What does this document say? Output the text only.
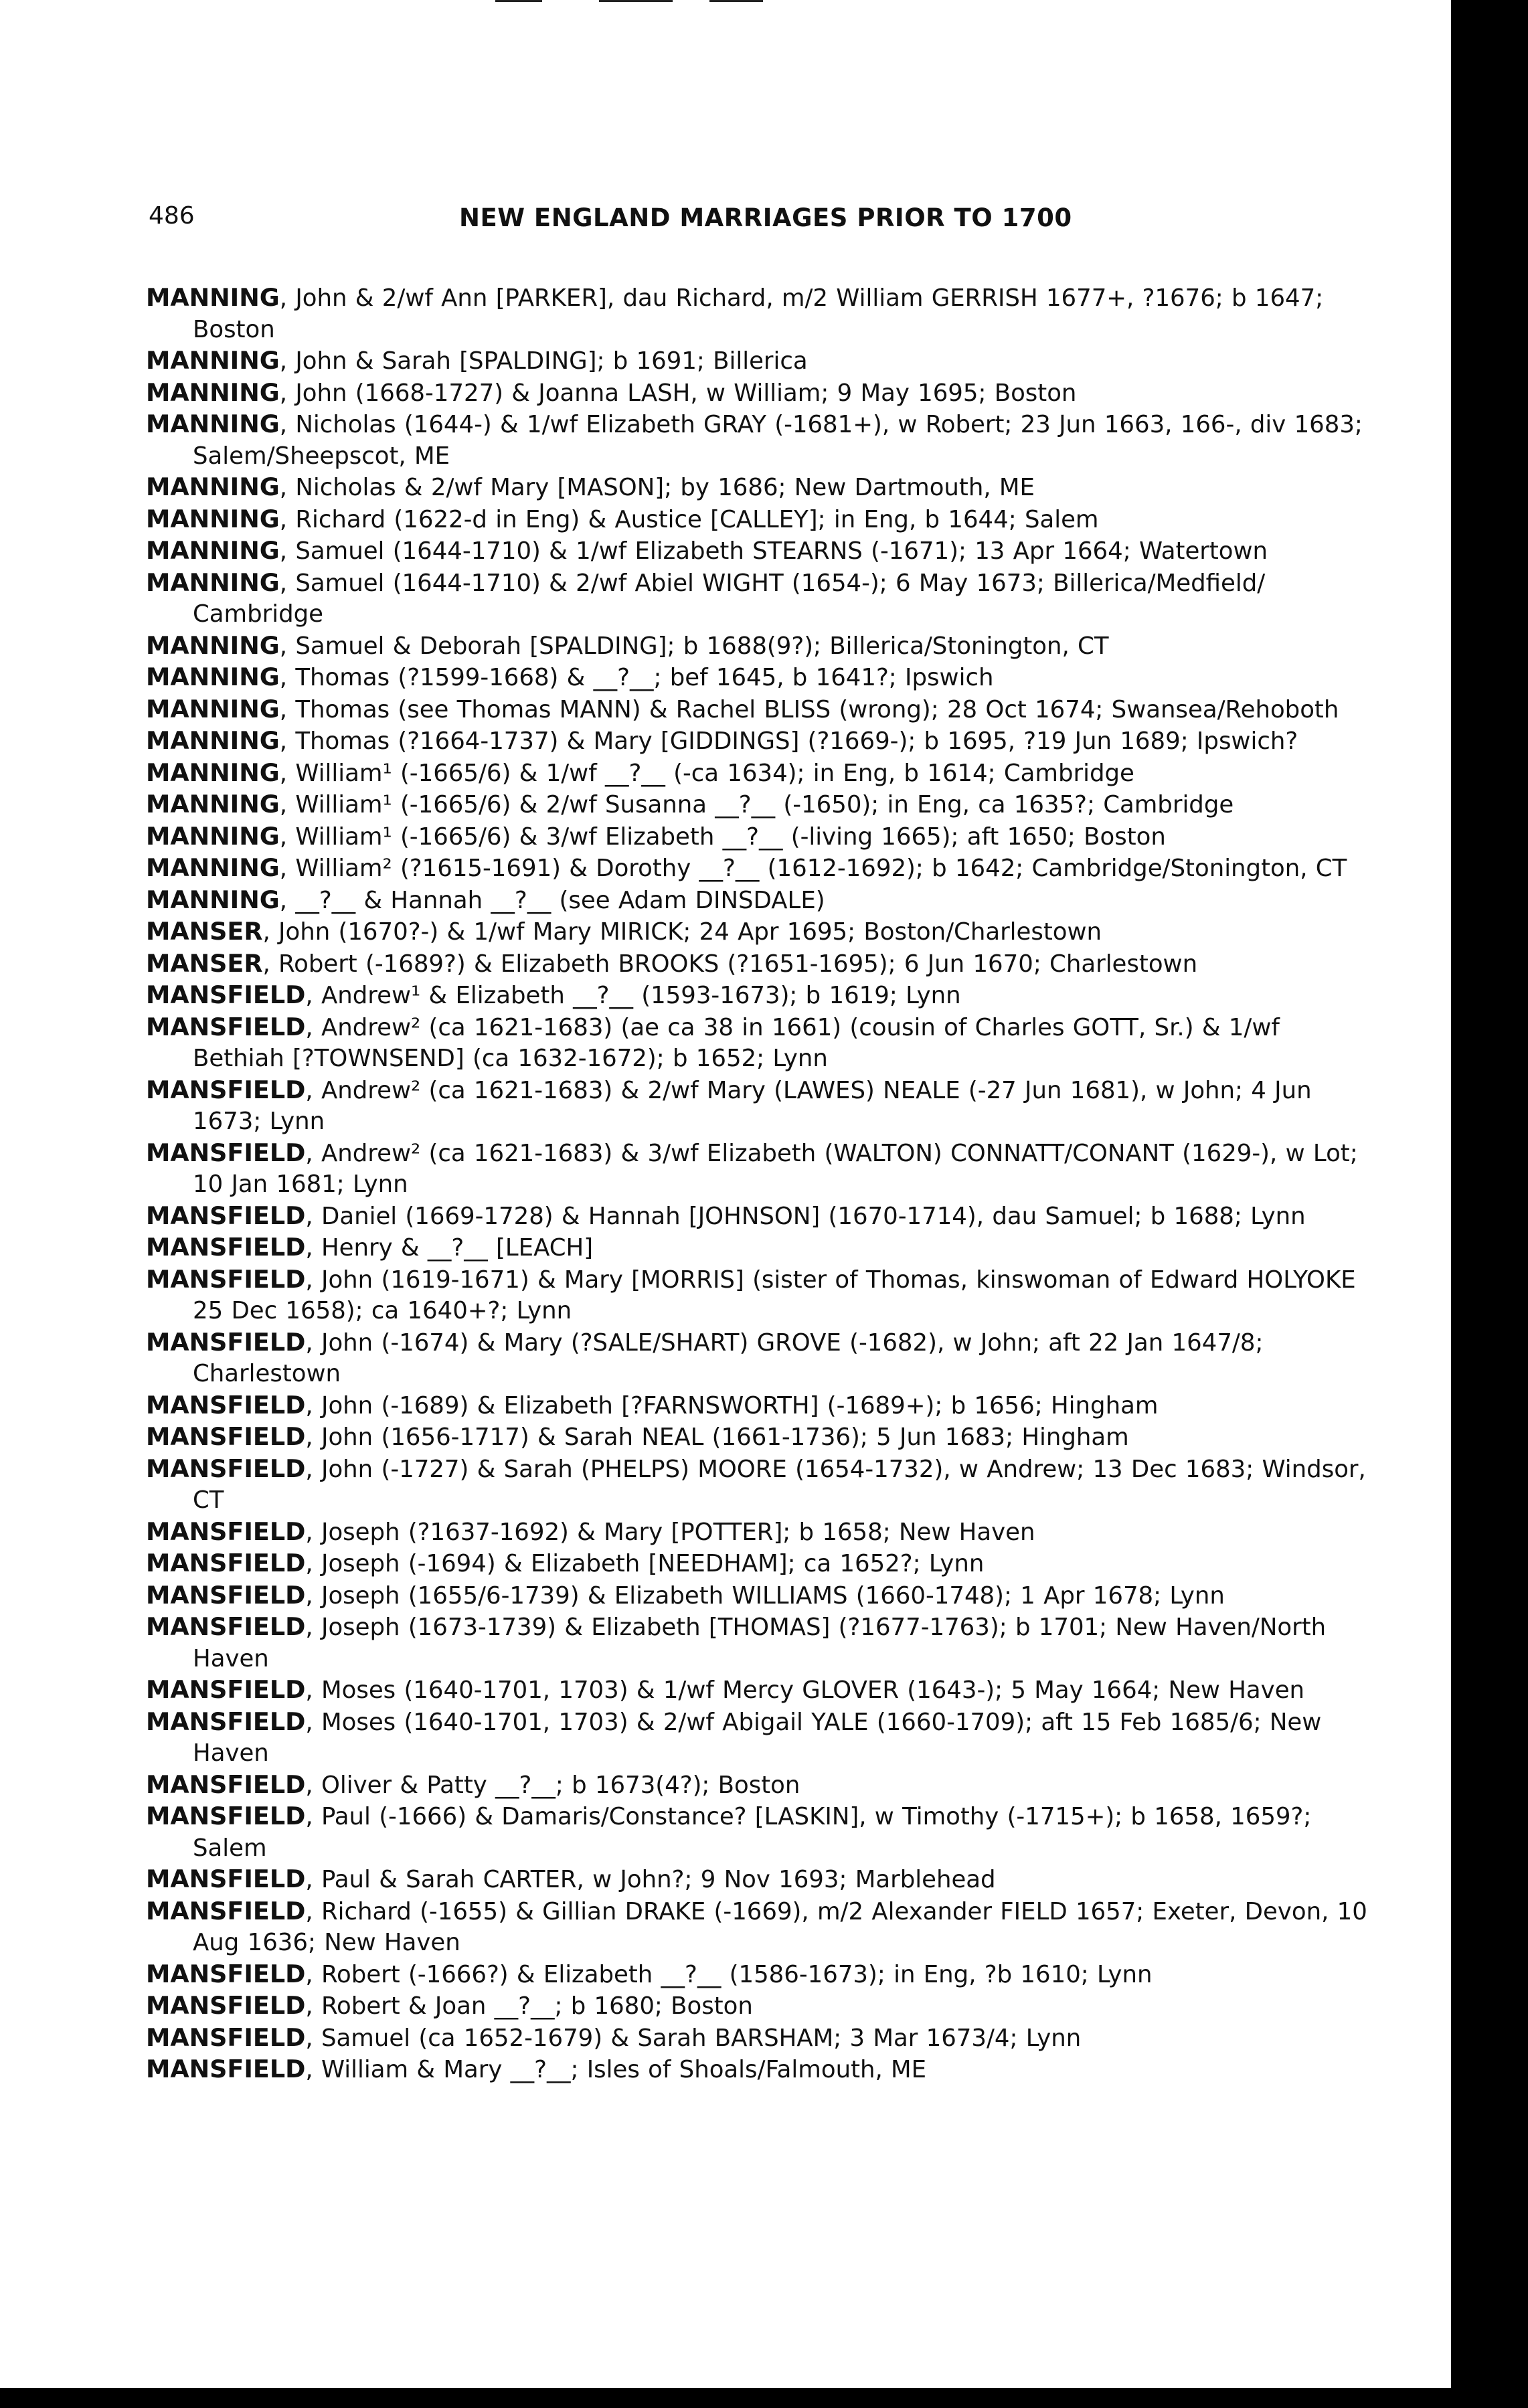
486	NEW ENGLAND MARRIAGES PRIOR TO 1700
MANNING, John & 2/wf Ann [PARKER], dau Richard, m/2 William GERRISH 1677+, ?1676; b 1647; Boston
MANNING, John & Sarah [SPALDING]; b 1691; Billerica
MANNING, John (1668-1727) & Joanna LASH, w William; 9 May 1695; Boston
MANNING, Nicholas (1644-) & 1/wf Elizabeth GRAY (-1681+), w Robert; 23 Jun 1663, 166-, div 1683; Salem/Sheepscot, ME
MANNING, Nicholas & 2/wf Mary [MASON]; by 1686; New Dartmouth, ME
MANNING, Richard (1622-d in Eng) & Austice [CALLEY]; in Eng, b 1644; Salem
MANNING, Samuel (1644-1710) & 1/wf Elizabeth STEARNS (-1671); 13 Apr 1664; Watertown
MANNING, Samuel (1644-1710) & 2/wf Abiel WIGHT (1654-); 6 May 1673; Billerica/Medfield/ Cambridge
MANNING, Samuel & Deborah [SPALDING]; b 1688(9?); Billerica/Stonington, CT
MANNING, Thomas (?1599-1668) & __?__; bef 1645, b 1641?; Ipswich
MANNING, Thomas (see Thomas MANN) & Rachel BLISS (wrong); 28 Oct 1674; Swansea/Rehoboth
MANNING, Thomas (?1664-1737) & Mary [GIDDINGS] (?1669-); b 1695, ?19 Jun 1689; Ipswich?
MANNING, William¹ (-1665/6) & 1/wf __?__ (-ca 1634); in Eng, b 1614; Cambridge
MANNING, William¹ (-1665/6) & 2/wf Susanna __?__ (-1650); in Eng, ca 1635?; Cambridge
MANNING, William¹ (-1665/6) & 3/wf Elizabeth __?__ (-living 1665); aft 1650; Boston
MANNING, William² (?1615-1691) & Dorothy __?__ (1612-1692); b 1642; Cambridge/Stonington, CT
MANNING, __?__ & Hannah __?__ (see Adam DINSDALE)
MANSER, John (1670?-) & 1/wf Mary MIRICK; 24 Apr 1695; Boston/Charlestown
MANSER, Robert (-1689?) & Elizabeth BROOKS (?1651-1695); 6 Jun 1670; Charlestown
MANSFIELD, Andrew¹ & Elizabeth __?__ (1593-1673); b 1619; Lynn
MANSFIELD, Andrew² (ca 1621-1683) (ae ca 38 in 1661) (cousin of Charles GOTT, Sr.) & 1/wf Bethiah [?TOWNSEND] (ca 1632-1672); b 1652; Lynn
MANSFIELD, Andrew² (ca 1621-1683) & 2/wf Mary (LAWES) NEALE (-27 Jun 1681), w John; 4 Jun 1673; Lynn
MANSFIELD, Andrew² (ca 1621-1683) & 3/wf Elizabeth (WALTON) CONNATT/CONANT (1629-), w Lot; 10 Jan 1681; Lynn
MANSFIELD, Daniel (1669-1728) & Hannah [JOHNSON] (1670-1714), dau Samuel; b 1688; Lynn
MANSFIELD, Henry & __?__ [LEACH]
MANSFIELD, John (1619-1671) & Mary [MORRIS] (sister of Thomas, kinswoman of Edward HOLYOKE 25 Dec 1658); ca 1640+?; Lynn
MANSFIELD, John (-1674) & Mary (?SALE/SHART) GROVE (-1682), w John; aft 22 Jan 1647/8; Charlestown
MANSFIELD, John (-1689) & Elizabeth [?FARNSWORTH] (-1689+); b 1656; Hingham
MANSFIELD, John (1656-1717) & Sarah NEAL (1661-1736); 5 Jun 1683; Hingham
MANSFIELD, John (-1727) & Sarah (PHELPS) MOORE (1654-1732), w Andrew; 13 Dec 1683; Windsor, CT
MANSFIELD, Joseph (?1637-1692) & Mary [POTTER]; b 1658; New Haven
MANSFIELD, Joseph (-1694) & Elizabeth [NEEDHAM]; ca 1652?; Lynn
MANSFIELD, Joseph (1655/6-1739) & Elizabeth WILLIAMS (1660-1748); 1 Apr 1678; Lynn
MANSFIELD, Joseph (1673-1739) & Elizabeth [THOMAS] (?1677-1763); b 1701; New Haven/North Haven
MANSFIELD, Moses (1640-1701, 1703) & 1/wf Mercy GLOVER (1643-); 5 May 1664; New Haven
MANSFIELD, Moses (1640-1701, 1703) & 2/wf Abigail YALE (1660-1709); aft 15 Feb 1685/6; New Haven
MANSFIELD, Oliver & Patty __?__; b 1673(4?); Boston
MANSFIELD, Paul (-1666) & Damaris/Constance? [LASKIN], w Timothy (-1715+); b 1658, 1659?; Salem
MANSFIELD, Paul & Sarah CARTER, w John?; 9 Nov 1693; Marblehead
MANSFIELD, Richard (-1655) & Gillian DRAKE (-1669), m/2 Alexander FIELD 1657; Exeter, Devon, 10 Aug 1636; New Haven
MANSFIELD, Robert (-1666?) & Elizabeth __?__ (1586-1673); in Eng, ?b 1610; Lynn
MANSFIELD, Robert & Joan __?__; b 1680; Boston
MANSFIELD, Samuel (ca 1652-1679) & Sarah BARSHAM; 3 Mar 1673/4; Lynn
MANSFIELD, William & Mary __?__; Isles of Shoals/Falmouth, ME
